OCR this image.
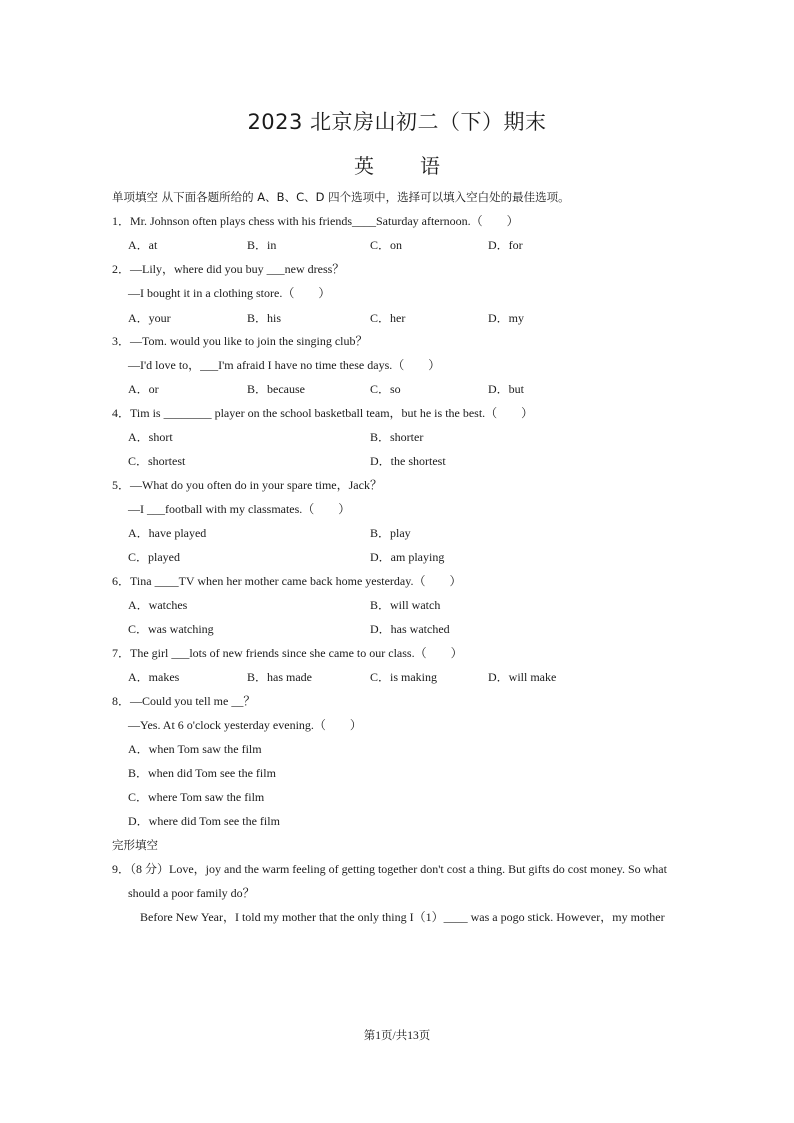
2023 北京房山初二（下）期末
英 语
单项填空 从下面各题所给的 A、B、C、D 四个选项中，选择可以填入空白处的最佳选项。
1．Mr. Johnson often plays chess with his friends____Saturday afternoon.（　　）
A．at	B．in	C．on	D．for
2．—Lily，where did you buy ___new dress？
—I bought it in a clothing store.（　　）
A．your	B．his	C．her	D．my
3．—Tom. would you like to join the singing club？
—I'd love to，___I'm afraid I have no time these days.（　　）
A．or	B．because	C．so	D．but
4．Tim is ________ player on the school basketball team，but he is the best.（　　）
A．short	B．shorter
C．shortest	D．the shortest
5．—What do you often do in your spare time，Jack？
—I ___football with my classmates.（　　）
A．have played	B．play
C．played	D．am playing
6．Tina ____TV when her mother came back home yesterday.（　　）
A．watches	B．will watch
C．was watching	D．has watched
7．The girl ___lots of new friends since she came to our class.（　　）
A．makes	B．has made	C．is making	D．will make
8．—Could you tell me __？
—Yes. At 6 o'clock yesterday evening.（　　）
A．when Tom saw the film
B．when did Tom see the film
C．where Tom saw the film
D．where did Tom see the film
完形填空
9．（8 分）Love，joy and the warm feeling of getting together don't cost a thing. But gifts do cost money. So what
should a poor family do？
Before New Year，I told my mother that the only thing I（1）____ was a pogo stick. However，my mother
第1页/共13页
